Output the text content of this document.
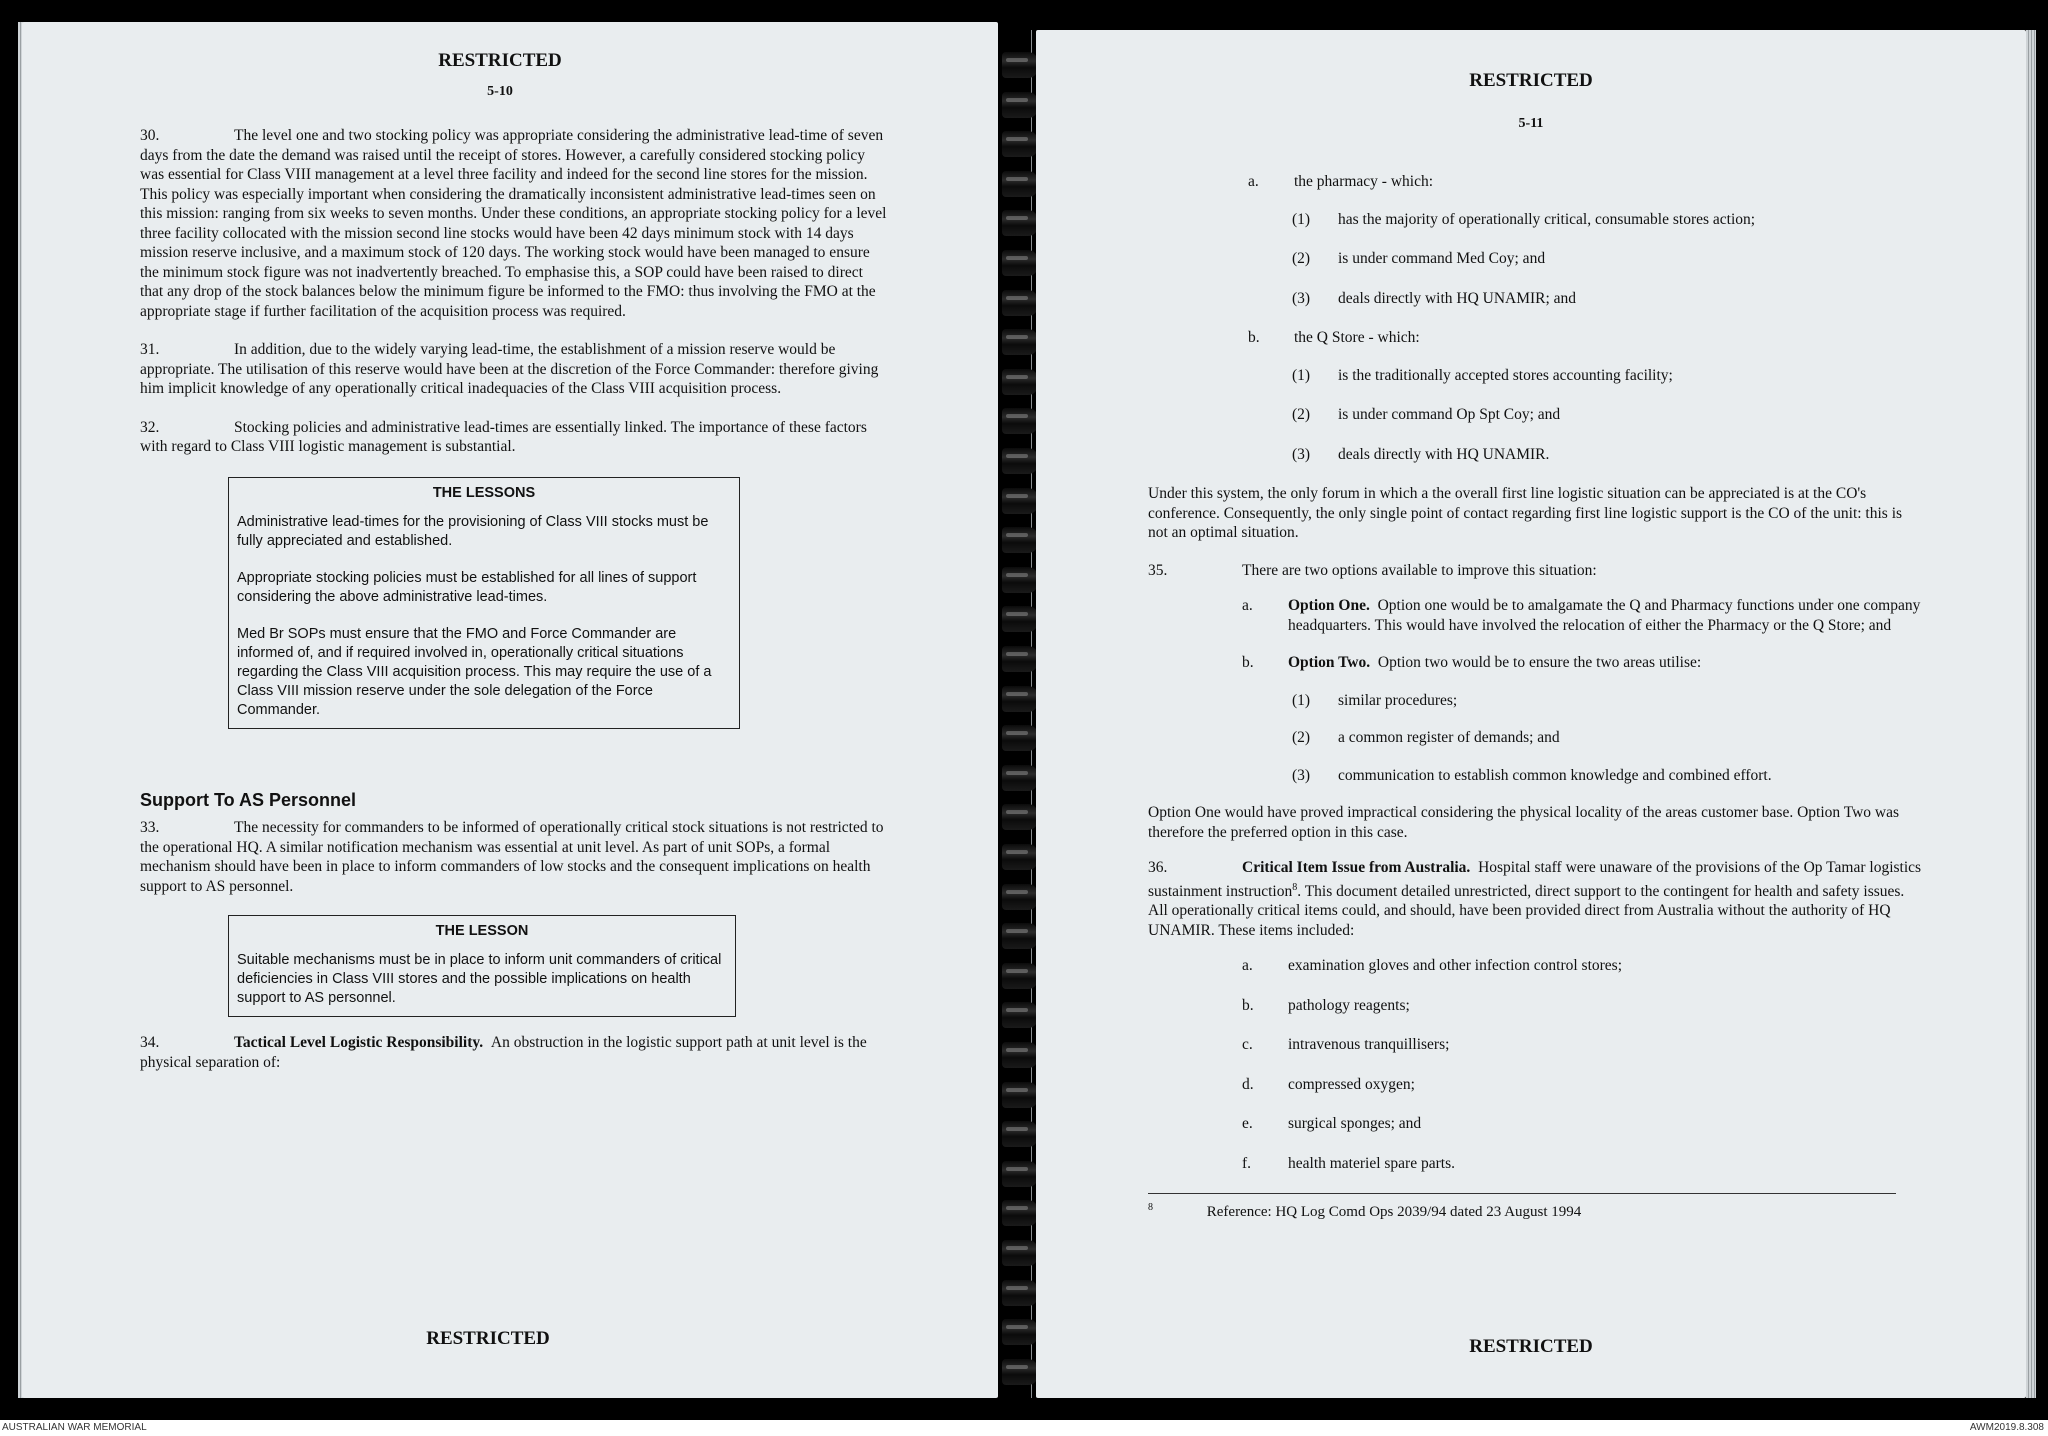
RESTRICTED
5-10

30.	The level one and two stocking policy was appropriate considering the administrative lead-time of seven days from the date the demand was raised until the receipt of stores. However, a carefully considered stocking policy was essential for Class VIII management at a level three facility and indeed for the second line stores for the mission. This policy was especially important when considering the dramatically inconsistent administrative lead-times seen on this mission: ranging from six weeks to seven months. Under these conditions, an appropriate stocking policy for a level three facility collocated with the mission second line stocks would have been 42 days minimum stock with 14 days mission reserve inclusive, and a maximum stock of 120 days. The working stock would have been managed to ensure the minimum stock figure was not inadvertently breached. To emphasise this, a SOP could have been raised to direct that any drop of the stock balances below the minimum figure be informed to the FMO: thus involving the FMO at the appropriate stage if further facilitation of the acquisition process was required.

31.	In addition, due to the widely varying lead-time, the establishment of a mission reserve would be appropriate. The utilisation of this reserve would have been at the discretion of the Force Commander: therefore giving him implicit knowledge of any operationally critical inadequacies of the Class VIII acquisition process.

32.	Stocking policies and administrative lead-times are essentially linked. The importance of these factors with regard to Class VIII logistic management is substantial.

THE LESSONS

Administrative lead-times for the provisioning of Class VIII stocks must be fully appreciated and established.

Appropriate stocking policies must be established for all lines of support considering the above administrative lead-times.

Med Br SOPs must ensure that the FMO and Force Commander are informed of, and if required involved in, operationally critical situations regarding the Class VIII acquisition process. This may require the use of a Class VIII mission reserve under the sole delegation of the Force Commander.

Support To AS Personnel

33.	The necessity for commanders to be informed of operationally critical stock situations is not restricted to the operational HQ. A similar notification mechanism was essential at unit level. As part of unit SOPs, a formal mechanism should have been in place to inform commanders of low stocks and the consequent implications on health support to AS personnel.

THE LESSON

Suitable mechanisms must be in place to inform unit commanders of critical deficiencies in Class VIII stores and the possible implications on health support to AS personnel.

34.	Tactical Level Logistic Responsibility. An obstruction in the logistic support path at unit level is the physical separation of:

RESTRICTED
RESTRICTED
5-11
a. the pharmacy - which:
(1) has the majority of operationally critical, consumable stores action;
(2) is under command Med Coy; and
(3) deals directly with HQ UNAMIR; and
b. the Q Store - which:
(1) is the traditionally accepted stores accounting facility;
(2) is under command Op Spt Coy; and
(3) deals directly with HQ UNAMIR.

Under this system, the only forum in which a the overall first line logistic situation can be appreciated is at the CO's conference. Consequently, the only single point of contact regarding first line logistic support is the CO of the unit: this is not an optimal situation.

35.	There are two options available to improve this situation:

a. Option One. Option one would be to amalgamate the Q and Pharmacy functions under one company headquarters. This would have involved the relocation of either the Pharmacy or the Q Store; and
b. Option Two. Option two would be to ensure the two areas utilise:
(1) similar procedures;
(2) a common register of demands; and
(3) communication to establish common knowledge and combined effort.

Option One would have proved impractical considering the physical locality of the areas customer base. Option Two was therefore the preferred option in this case.

36.	Critical Item Issue from Australia. Hospital staff were unaware of the provisions of the Op Tamar logistics sustainment instruction$^8$. This document detailed unrestricted, direct support to the contingent for health and safety issues. All operationally critical items could, and should, have been provided direct from Australia without the authority of HQ UNAMIR. These items included:

a. examination gloves and other infection control stores;
b. pathology reagents;
c. intravenous tranquillisers;
d. compressed oxygen;
e. surgical sponges; and
f. health materiel spare parts.
$^8$	Reference: HQ Log Comd Ops 2039/94 dated 23 August 1994
RESTRICTED
AUSTRALIAN WAR MEMORIAL	AWM2019.8.308
